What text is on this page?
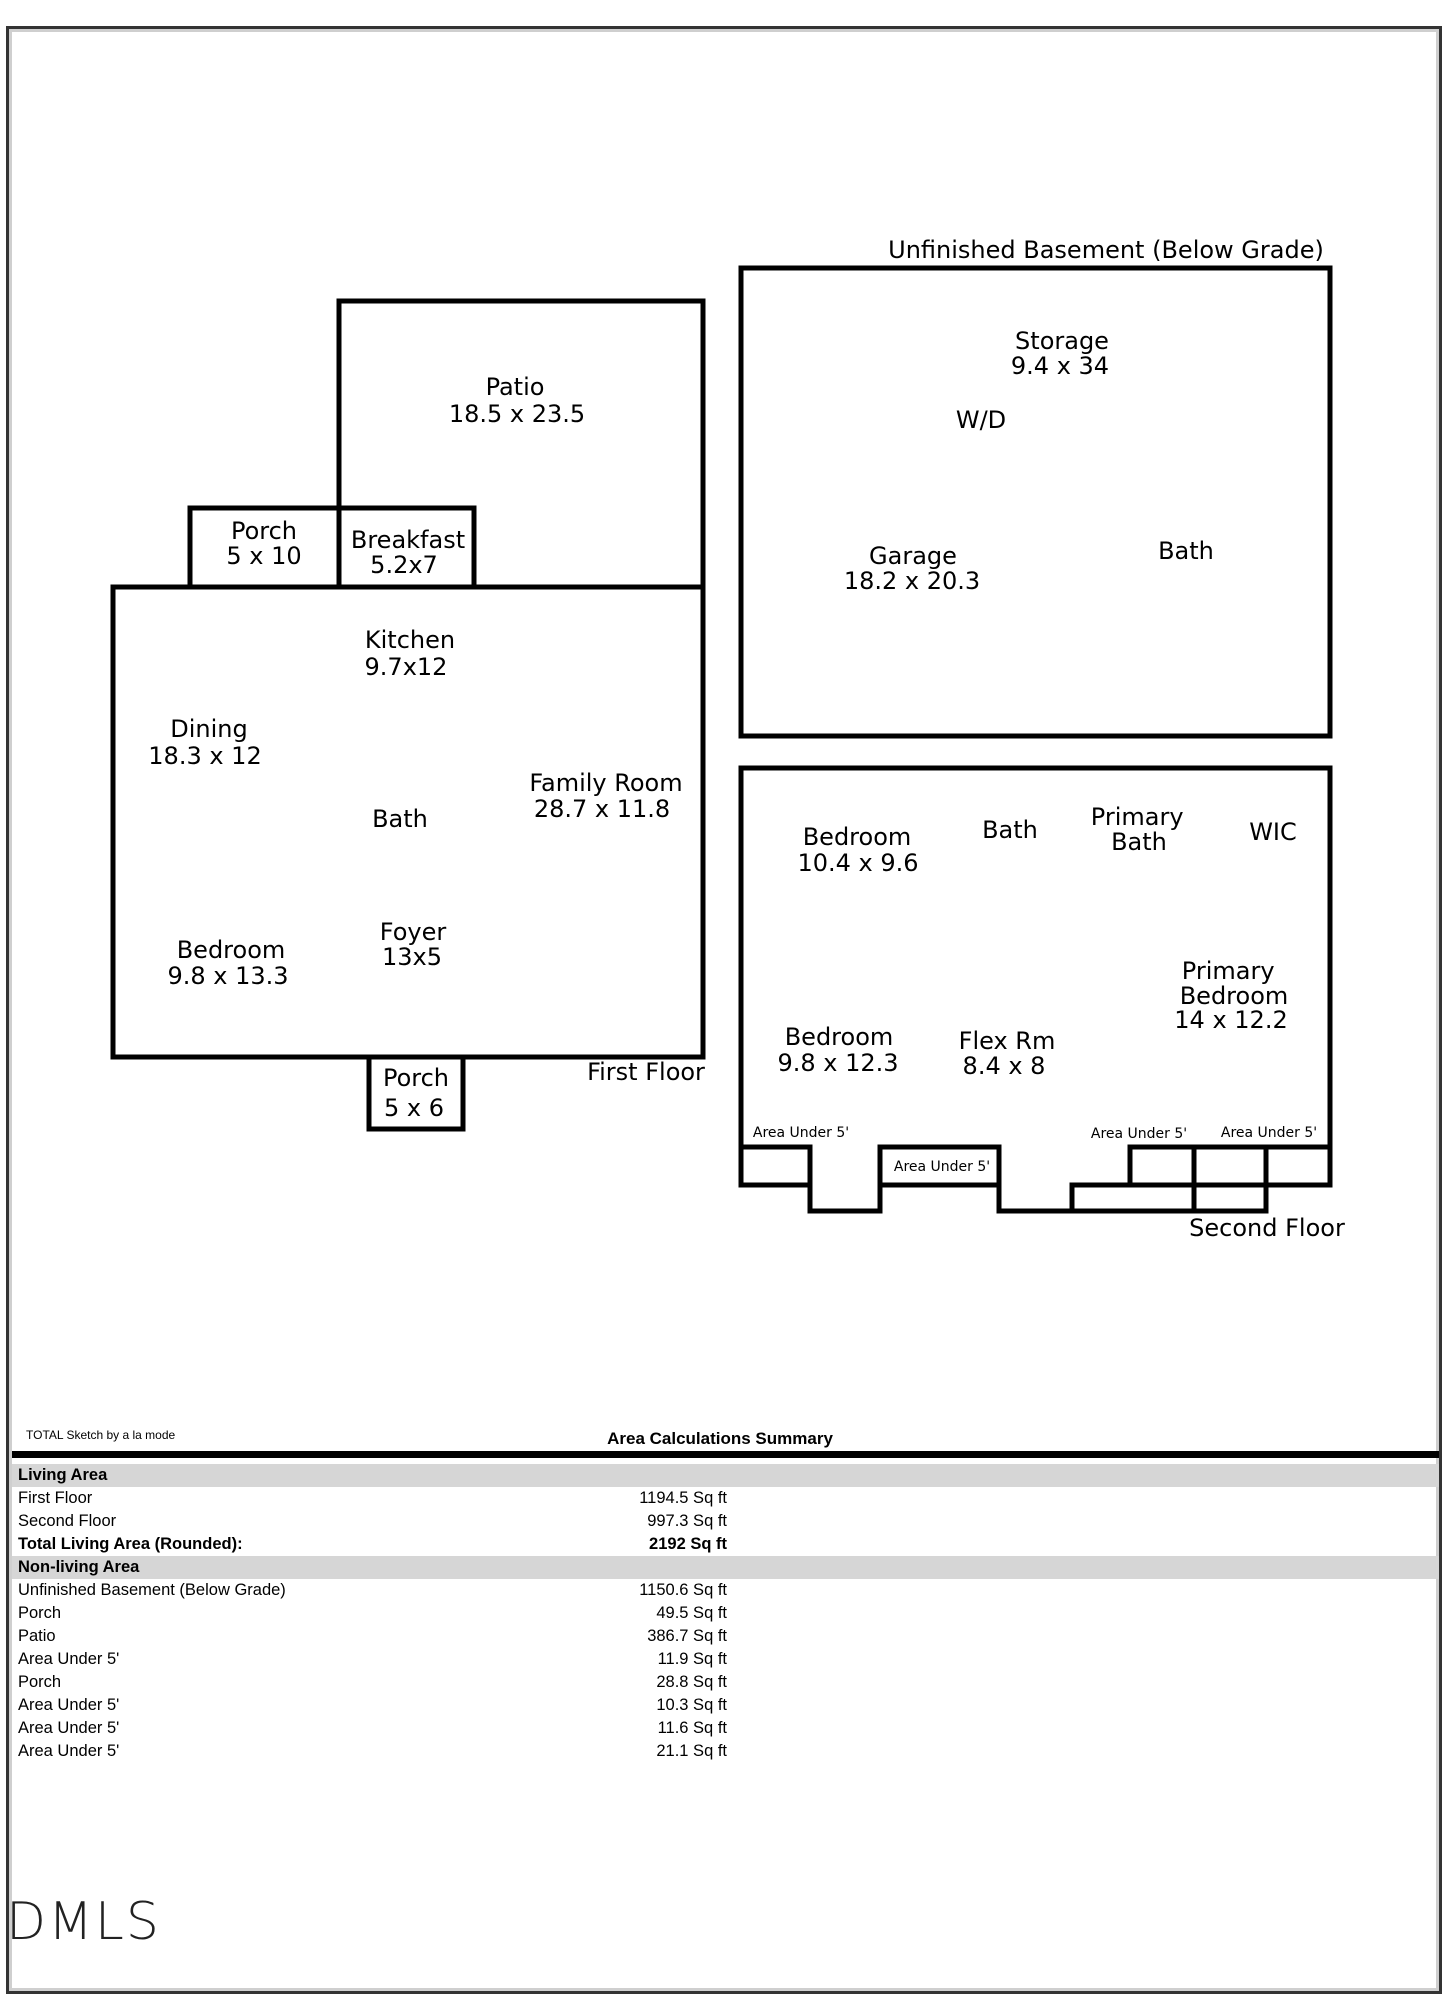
Patio
18.5 x 23.5
Porch
5 x 10
Breakfast
5.2x7
Kitchen
9.7x12
Dining
18.3 x 12
Family Room
28.7 x 11.8
Bath
Bedroom
9.8 x 13.3
Foyer
13x5
Porch
5 x 6
First Floor
Unfinished Basement (Below Grade)
Storage
9.4 x 34
W/D
Garage
18.2 x 20.3
Bath
Bedroom
10.4 x 9.6
Bath Primary Bath	WIC
Primary Bedroom
14 x 12.2
Bedroom
9.8 x 12.3
Flex Rm
8.4 x 8
Second Floor
Area Under 5'
Area Under 5'
Area Under 5' Area Under 5'
TOTAL Sketch by a la mode	Area Calculations Summary
Living Area
First Floor	1194.5 Sq ft
Second Floor	997.3 Sq ft
Total Living Area (Rounded):	2192 Sq ft
Non-living Area
Unfinished Basement (Below Grade)	1150.6 Sq ft
Porch	49.5 Sq ft
Patio	386.7 Sq ft
Area Under 5'	11.9 Sq ft
Porch	28.8 Sq ft
Area Under 5'	10.3 Sq ft
Area Under 5'	11.6 Sq ft
Area Under 5'	21.1 Sq ft
DMLS
